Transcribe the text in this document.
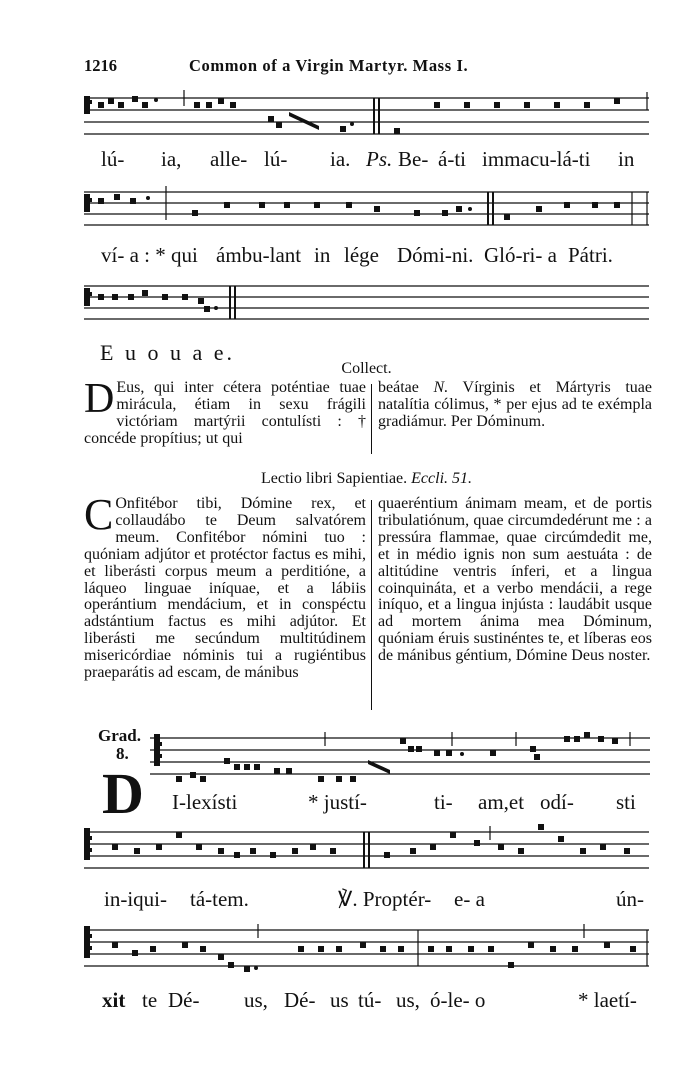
1216	Common of a Virgin Martyr. Mass I.
lú- ia, alle- lú- ia. Ps. Be- á-ti immacu-lá-ti in
ví- a : * qui ámbu-lant in lége Dómi-ni. Gló-ri- a Pátri.
E u o u a e.
Collect.
D Eus, qui inter cétera poténtiae tuae mirácula, étiam in sexu frágili victóriam martýrii contulísti : † concéde propítius; ut qui
beátae N. Vírginis et Mártyris tuae natalítia cólimus, * per ejus ad te exémpla gradiámur. Per Dóminum.
Lectio libri Sapientiae. Eccli. 51.
C Onfitébor tibi, Dómine rex, et collaudábo te Deum salvatórem meum. Confitébor nómini tuo : quóniam adjútor et protéctor factus es mihi, et liberásti corpus meum a perditióne, a láqueo linguae iníquae, et a lábiis operántium mendácium, et in conspéctu adstántium factus es mihi adjútor. Et liberásti me secúndum multitúdinem misericórdiae nóminis tui a rugiéntibus praeparátis ad escam, de mánibus
quaeréntium ánimam meam, et de portis tribulatiónum, quae circumdedérunt me : a pressúra flammae, quae circúmdedit me, et in médio ignis non sum aestuáta : de altitúdine ventris ínferi, et a lingua coinquináta, et a verbo mendácii, a rege iníquo, et a lingua injústa : laudábit usque ad mortem ánima mea Dóminum, quóniam éruis sustinéntes te, et líberas eos de mánibus géntium, Dómine Deus noster.
Grad.
8.
D I-lexísti	* justí-	ti- am,et odí- sti
in-iqui- tá-tem.	℣. Proptér- e- a	ún-
xit te Dé- us, Dé- us tú- us, ó-le- o	* laetí-
